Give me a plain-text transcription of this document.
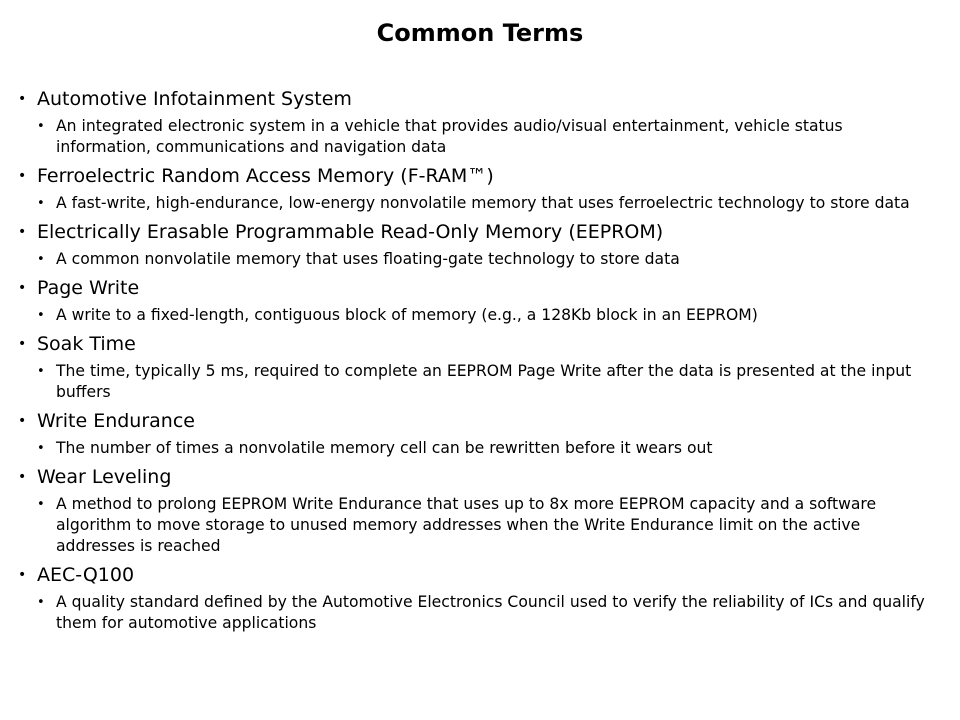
Common Terms
• Automotive Infotainment System
• An integrated electronic system in a vehicle that provides audio/visual entertainment, vehicle status information, communications and navigation data
• Ferroelectric Random Access Memory (F-RAM™)
• A fast-write, high-endurance, low-energy nonvolatile memory that uses ferroelectric technology to store data
• Electrically Erasable Programmable Read-Only Memory (EEPROM)
• A common nonvolatile memory that uses floating-gate technology to store data
• Page Write
• A write to a fixed-length, contiguous block of memory (e.g., a 128Kb block in an EEPROM)
• Soak Time
• The time, typically 5 ms, required to complete an EEPROM Page Write after the data is presented at the input buffers
• Write Endurance
• The number of times a nonvolatile memory cell can be rewritten before it wears out
• Wear Leveling
• A method to prolong EEPROM Write Endurance that uses up to 8x more EEPROM capacity and a software algorithm to move storage to unused memory addresses when the Write Endurance limit on the active addresses is reached
• AEC-Q100
• A quality standard defined by the Automotive Electronics Council used to verify the reliability of ICs and qualify them for automotive applications
